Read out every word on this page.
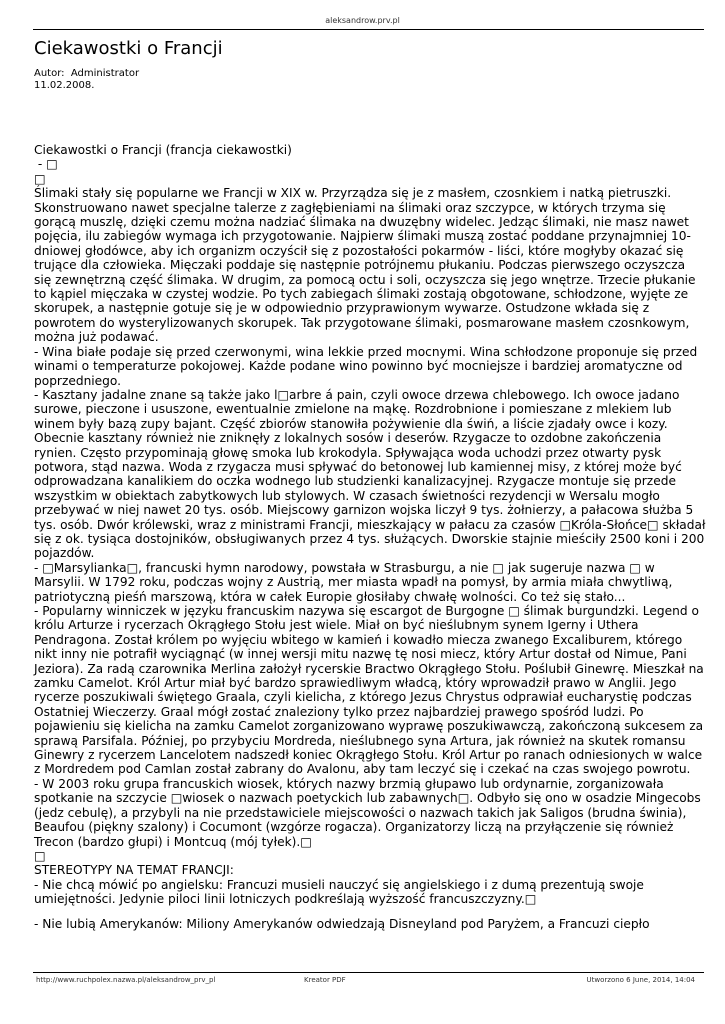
aleksandrow.prv.pl
Ciekawostki o Francji
Autor:  Administrator
11.02.2008.

Ciekawostki o Francji (francja ciekawostki)

- □

□

Ślimaki stały się popularne we Francji w XIX w. Przyrządza się je z masłem, czosnkiem i natką pietruszki. Skonstruowano nawet specjalne talerze z zagłębieniami na ślimaki oraz szczypce, w których trzyma się gorącą muszlę, dzięki czemu można nadziać ślimaka na dwuzębny widelec. Jedząc ślimaki, nie masz nawet pojęcia, ilu zabiegów wymaga ich przygotowanie. Najpierw ślimaki muszą zostać poddane przynajmniej 10-dniowej głodówce, aby ich organizm oczyścił się z pozostałości pokarmów - liści, które mogłyby okazać się trujące dla człowieka. Mięczaki poddaje się następnie potrójnemu płukaniu. Podczas pierwszego oczyszcza się zewnętrzną część ślimaka. W drugim, za pomocą octu i soli, oczyszcza się jego wnętrze. Trzecie płukanie to kąpiel mięczaka w czystej wodzie. Po tych zabiegach ślimaki zostają obgotowane, schłodzone, wyjęte ze skorupek, a następnie gotuje się je w odpowiednio przyprawionym wywarze. Ostudzone wkłada się z powrotem do wysterylizowanych skorupek. Tak przygotowane ślimaki, posmarowane masłem czosnkowym, można już podawać.

- Wina białe podaje się przed czerwonymi, wina lekkie przed mocnymi. Wina schłodzone proponuje się przed winami o temperaturze pokojowej. Każde podane wino powinno być mocniejsze i bardziej aromatyczne od poprzedniego.

- Kasztany jadalne znane są także jako l□arbre á pain, czyli owoce drzewa chlebowego. Ich owoce jadano surowe, pieczone i ususzone, ewentualnie zmielone na mąkę. Rozdrobnione i pomieszane z mlekiem lub winem były bazą zupy bajant. Część zbiorów stanowiła pożywienie dla świń, a liście zjadały owce i kozy. Obecnie kasztany również nie zniknęły z lokalnych sosów i deserów. Rzygacze to ozdobne zakończenia rynien. Często przypominają głowę smoka lub krokodyla. Spływająca woda uchodzi przez otwarty pysk potwora, stąd nazwa. Woda z rzygacza musi spływać do betonowej lub kamiennej misy, z której może być odprowadzana kanalikiem do oczka wodnego lub studzienki kanalizacyjnej. Rzygacze montuje się przede wszystkim w obiektach zabytkowych lub stylowych. W czasach świetności rezydencji w Wersalu mogło przebywać w niej nawet 20 tys. osób. Miejscowy garnizon wojska liczył 9 tys. żołnierzy, a pałacowa służba 5 tys. osób. Dwór królewski, wraz z ministrami Francji, mieszkający w pałacu za czasów □Króla-Słońce□ składał się z ok. tysiąca dostojników, obsługiwanych przez 4 tys. służących. Dworskie stajnie mieściły 2500 koni i 200 pojazdów.

- □Marsylianka□, francuski hymn narodowy, powstała w Strasburgu, a nie □ jak sugeruje nazwa □ w Marsylii. W 1792 roku, podczas wojny z Austrią, mer miasta wpadł na pomysł, by armia miała chwytliwą, patriotyczną pieśń marszową, która w całek Europie głosiłaby chwałę wolności. Co też się stało...

- Popularny winniczek w języku francuskim nazywa się escargot de Burgogne □ ślimak burgundzki. Legend o królu Arturze i rycerzach Okrągłego Stołu jest wiele. Miał on być nieślubnym synem Igerny i Uthera Pendragona. Został królem po wyjęciu wbitego w kamień i kowadło miecza zwanego Excaliburem, którego nikt inny nie potrafił wyciągnąć (w innej wersji mitu nazwę tę nosi miecz, który Artur dostał od Nimue, Pani Jeziora). Za radą czarownika Merlina założył rycerskie Bractwo Okrągłego Stołu. Poślubił Ginewrę. Mieszkał na zamku Camelot. Król Artur miał być bardzo sprawiedliwym władcą, który wprowadził prawo w Anglii. Jego rycerze poszukiwali świętego Graala, czyli kielicha, z którego Jezus Chrystus odprawiał eucharystię podczas Ostatniej Wieczerzy. Graal mógł zostać znaleziony tylko przez najbardziej prawego spośród ludzi. Po pojawieniu się kielicha na zamku Camelot zorganizowano wyprawę poszukiwawczą, zakończoną sukcesem za sprawą Parsifala. Później, po przybyciu Mordreda, nieślubnego syna Artura, jak również na skutek romansu Ginewry z rycerzem Lancelotem nadszedł koniec Okrągłego Stołu. Król Artur po ranach odniesionych w walce z Mordredem pod Camlan został zabrany do Avalonu, aby tam leczyć się i czekać na czas swojego powrotu.

- W 2003 roku grupa francuskich wiosek, których nazwy brzmią głupawo lub ordynarnie, zorganizowała spotkanie na szczycie □wiosek o nazwach poetyckich lub zabawnych□. Odbyło się ono w osadzie Mingecobs (jedz cebulę), a przybyli na nie przedstawiciele miejscowości o nazwach takich jak Saligos (brudna świnia), Beaufou (piękny szalony) i Cocumont (wzgórze rogacza). Organizatorzy liczą na przyłączenie się również Trecon (bardzo głupi) i Montcuq (mój tyłek).□

□

STEREOTYPY NA TEMAT FRANCJI:

- Nie chcą mówić po angielsku: Francuzi musieli nauczyć się angielskiego i z dumą prezentują swoje umiejętności. Jedynie piloci linii lotniczych podkreślają wyższość francuszczyzny.□

- Nie lubią Amerykanów: Miliony Amerykanów odwiedzają Disneyland pod Paryżem, a Francuzi ciepło

http://www.ruchpolex.nazwa.pl/aleksandrow_prv_pl	Kreator PDF	Utworzono 6 June, 2014, 14:04
